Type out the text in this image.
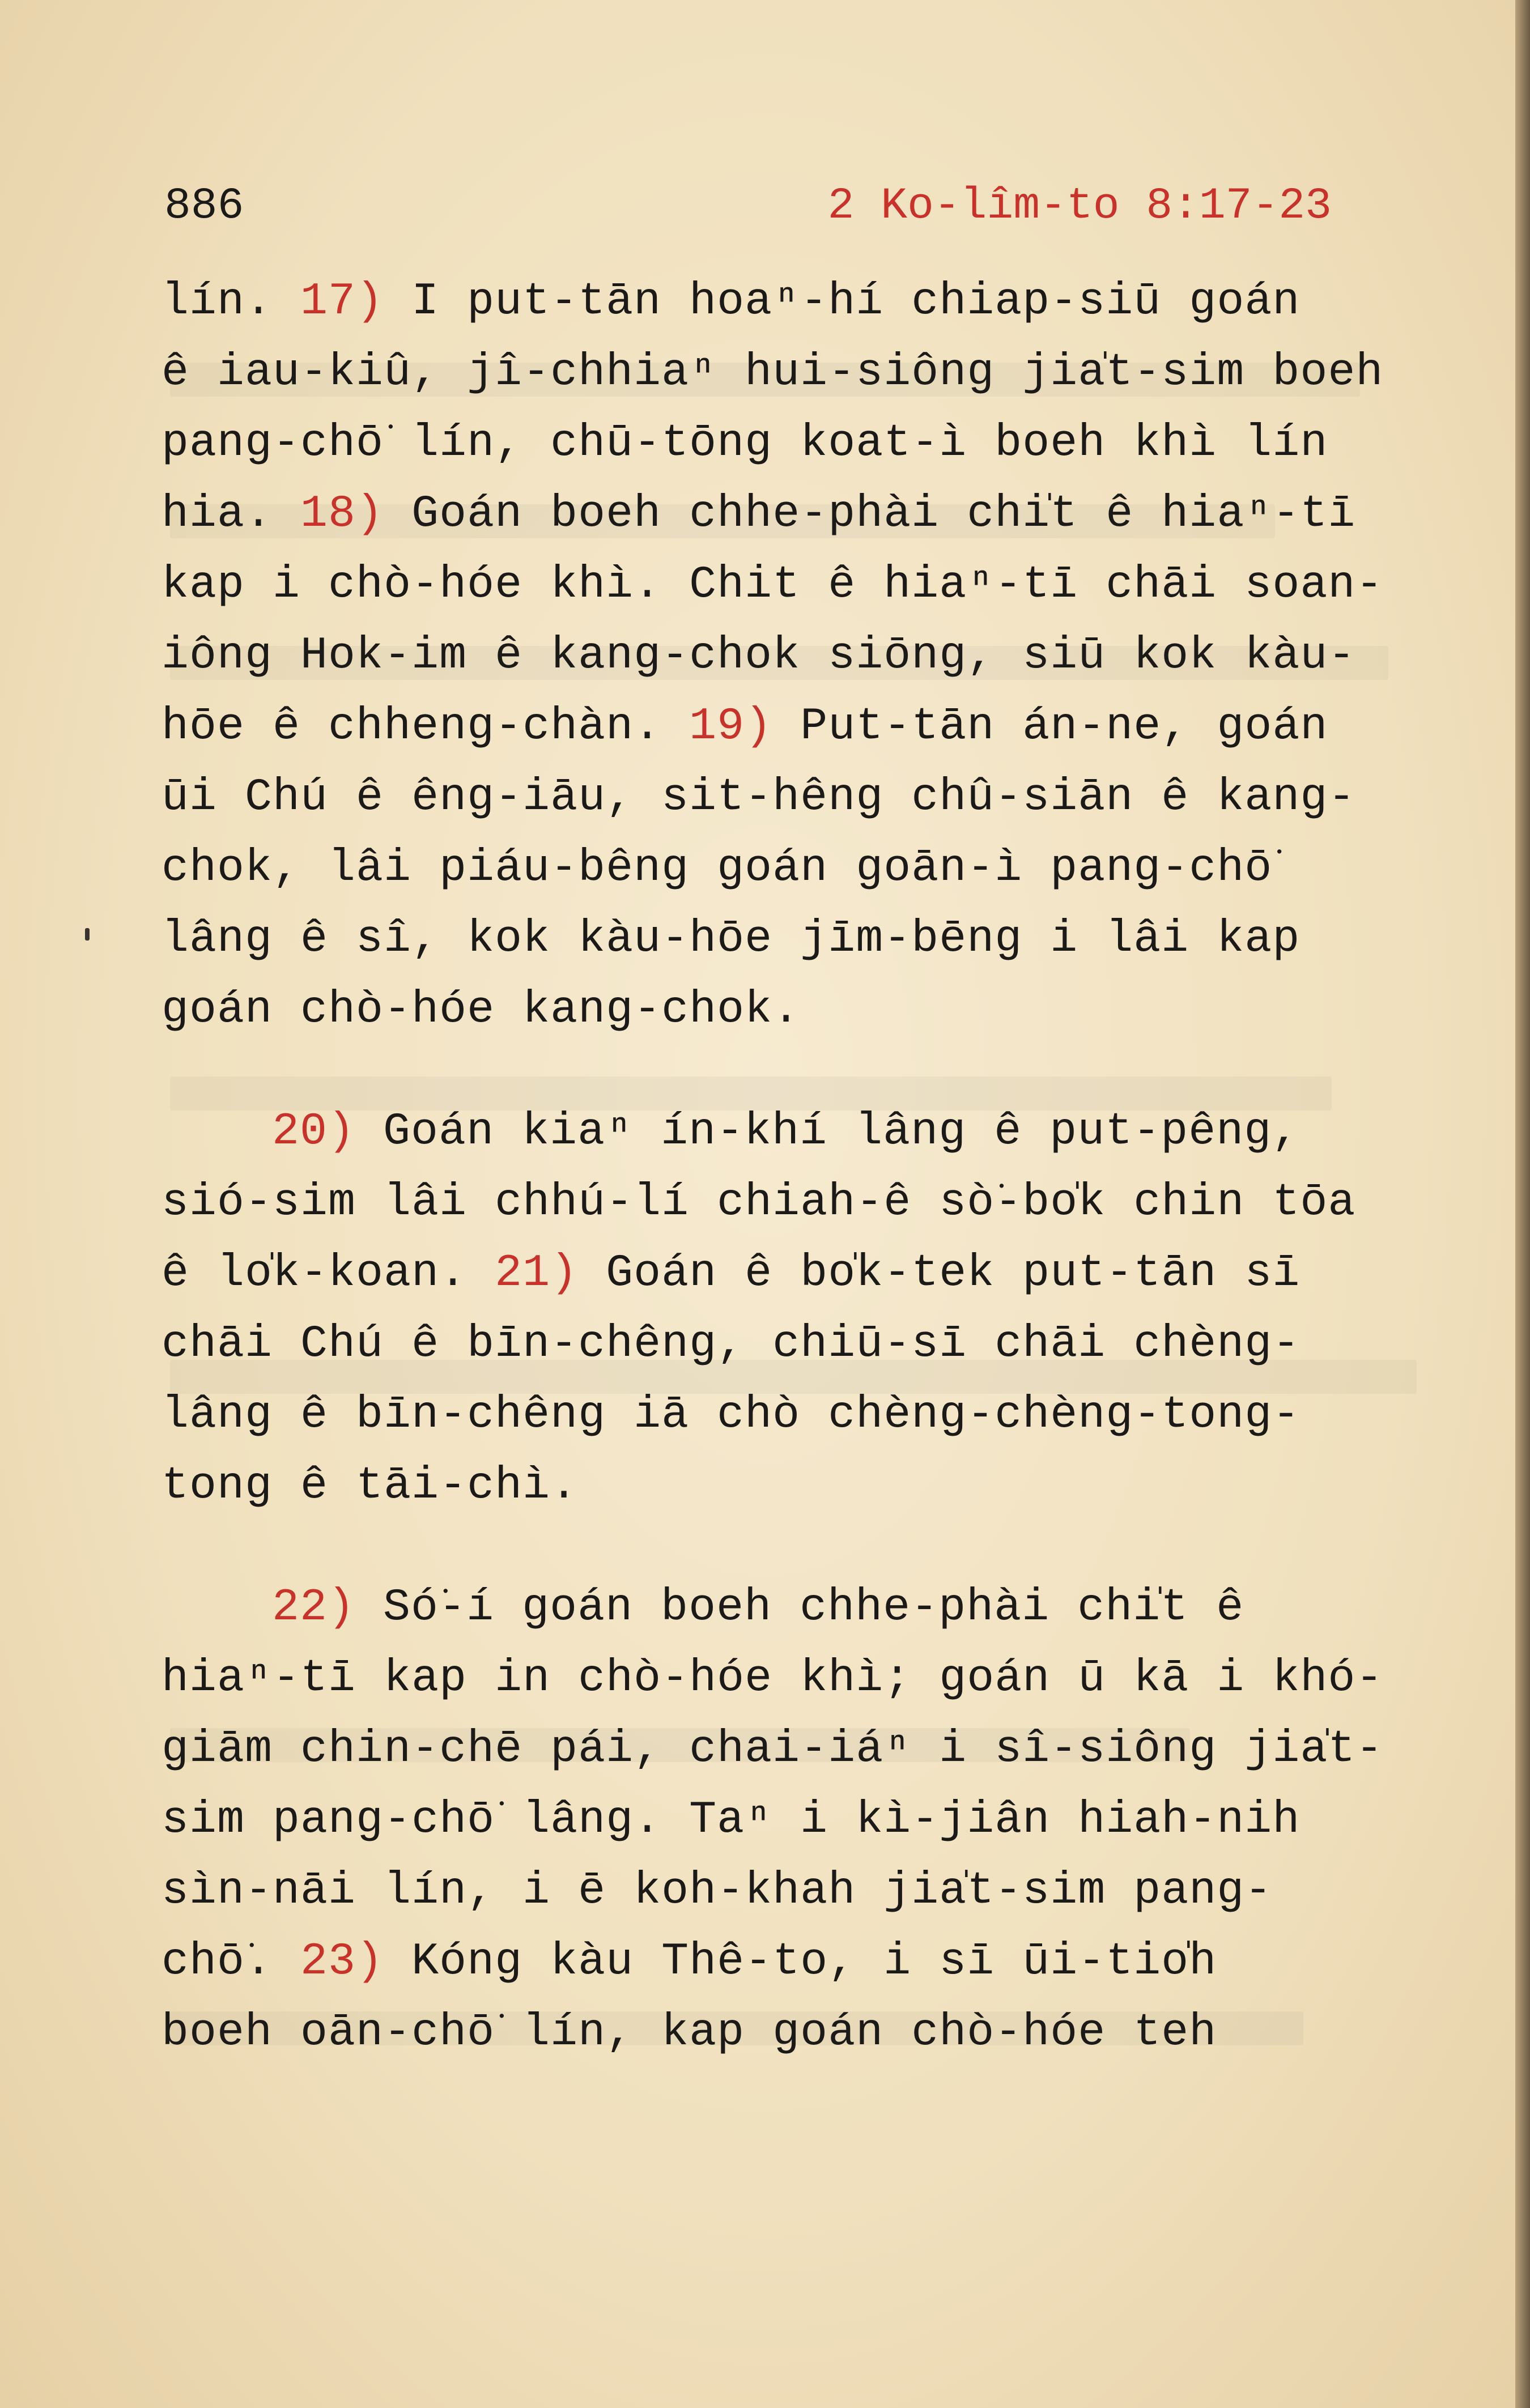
886	2 Ko-lîm-to 8:17-23
lín. 17) I put-tān hoaⁿ-hí chiap-siū goán
ê iau-kiû, jî-chhiaⁿ hui-siông jia̍t-sim boeh
pang-chō͘ lín, chū-tōng koat-ì boeh khì lín
hia. 18) Goán boeh chhe-phài chi̍t ê hiaⁿ-tī
kap i chò-hóe khì. Chit ê hiaⁿ-tī chāi soan-
iông Hok-im ê kang-chok siōng, siū kok kàu-
hōe ê chheng-chàn. 19) Put-tān án-ne, goán
ūi Chú ê êng-iāu, sit-hêng chû-siān ê kang-
chok, lâi piáu-bêng goán goān-ì pang-chō͘
lâng ê sî, kok kàu-hōe jīm-bēng i lâi kap
goán chò-hóe kang-chok.
20) Goán kiaⁿ ín-khí lâng ê put-pêng,
sió-sim lâi chhú-lí chiah-ê sò͘-bo̍k chin tōa
ê lo̍k-koan. 21) Goán ê bo̍k-tek put-tān sī
chāi Chú ê bīn-chêng, chiū-sī chāi chèng-
lâng ê bīn-chêng iā chò chèng-chèng-tong-
tong ê tāi-chì.
22) Só͘-í goán boeh chhe-phài chi̍t ê
hiaⁿ-tī kap in chò-hóe khì; goán ū kā i khó-
giām chin-chē pái, chai-iáⁿ i sî-siông jia̍t-
sim pang-chō͘ lâng. Taⁿ i kì-jiân hiah-nih
sìn-nāi lín, i ē koh-khah jia̍t-sim pang-
chō͘. 23) Kóng kàu Thê-to, i sī ūi-tio̍h
boeh oān-chō͘ lín, kap goán chò-hóe teh
